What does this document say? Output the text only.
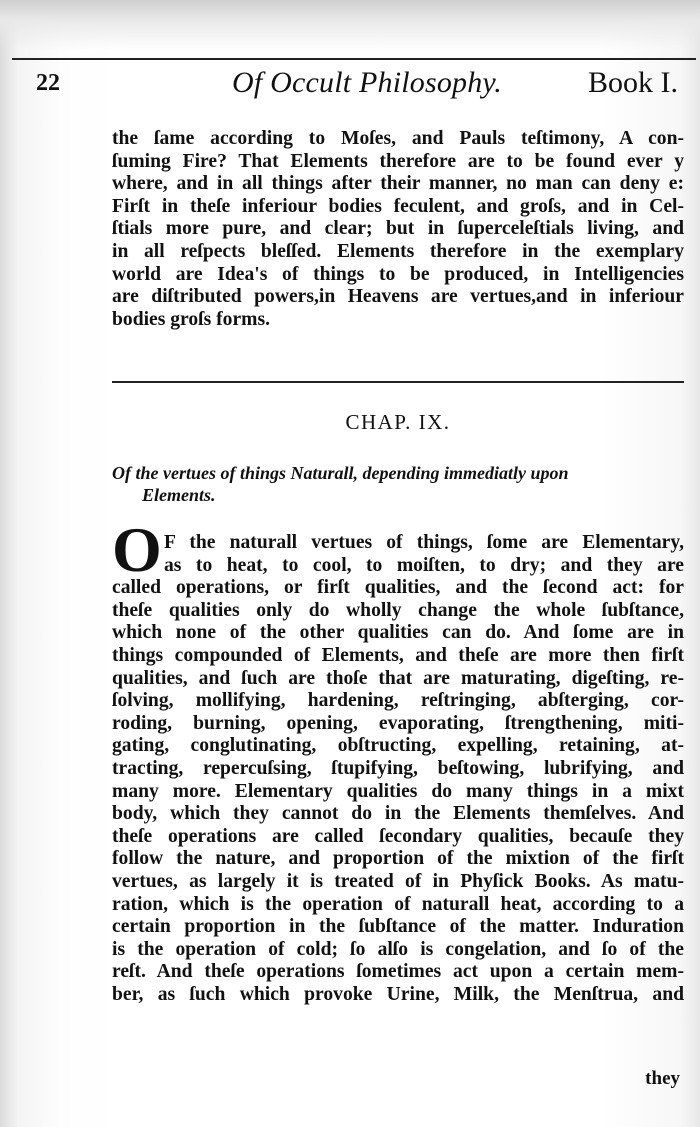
22	Of Occult Philosophy.	Book I.
the ſame according to Moſes, and Pauls teſtimony, A con-
ſuming Fire? That Elements therefore are to be found ever y
where, and in all things after their manner, no man can deny e:
Firſt in theſe inferiour bodies feculent, and groſs, and in Cel-
ſtials more pure, and clear; but in ſuperceleſtials living, and
in all reſpects bleſſed. Elements therefore in the exemplary
world are Idea's of things to be produced, in Intelligencies
are diſtributed powers,in Heavens are vertues,and in inferiour
bodies groſs forms.
CHAP. IX.
Of the vertues of things Naturall, depending immediatly upon
Elements.
O F the naturall vertues of things, ſome are Elementary,
as to heat, to cool, to moiſten, to dry; and they are
called operations, or firſt qualities, and the ſecond act: for
theſe qualities only do wholly change the whole ſubſtance,
which none of the other qualities can do. And ſome are in
things compounded of Elements, and theſe are more then firſt
qualities, and ſuch are thoſe that are maturating, digeſting, re-
ſolving, mollifying, hardening, reſtringing, abſterging, cor-
roding, burning, opening, evaporating, ſtrengthening, miti-
gating, conglutinating, obſtructing, expelling, retaining, at-
tracting, repercuſsing, ſtupifying, beſtowing, lubrifying, and
many more. Elementary qualities do many things in a mixt
body, which they cannot do in the Elements themſelves. And
theſe operations are called ſecondary qualities, becauſe they
follow the nature, and proportion of the mixtion of the firſt
vertues, as largely it is treated of in Phyſick Books. As matu-
ration, which is the operation of naturall heat, according to a
certain proportion in the ſubſtance of the matter. Induration
is the operation of cold; ſo alſo is congelation, and ſo of the
reſt. And theſe operations ſometimes act upon a certain mem-
ber, as ſuch which provoke Urine, Milk, the Menſtrua, and
they
